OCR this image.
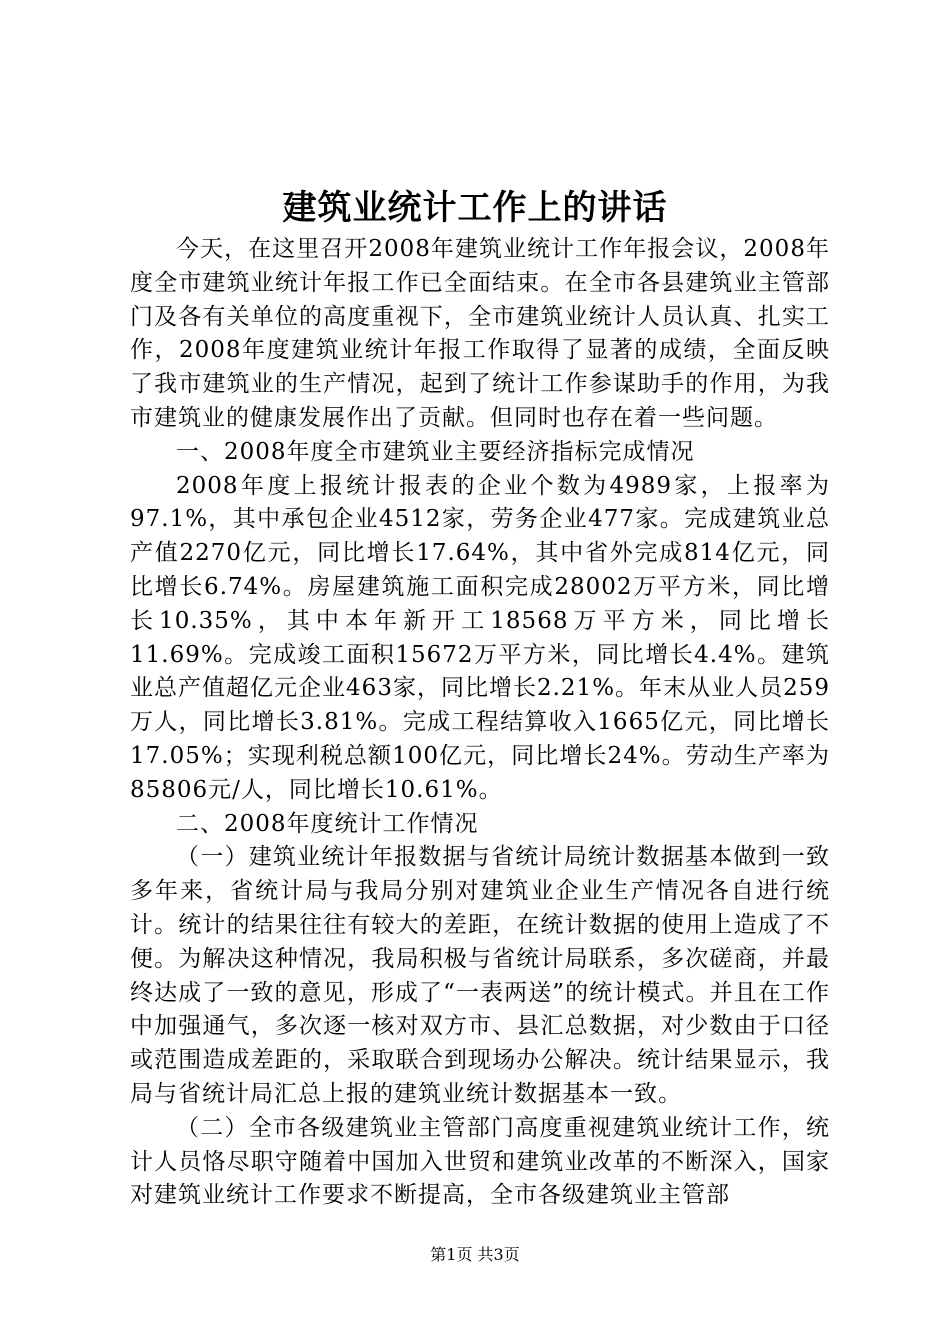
建筑业统计工作上的讲话

今天，在这里召开2008年建筑业统计工作年报会议，2008年度全市建筑业统计年报工作已全面结束。在全市各县建筑业主管部门及各有关单位的高度重视下，全市建筑业统计人员认真、扎实工作，2008年度建筑业统计年报工作取得了显著的成绩，全面反映了我市建筑业的生产情况，起到了统计工作参谋助手的作用，为我市建筑业的健康发展作出了贡献。但同时也存在着一些问题。

一、2008年度全市建筑业主要经济指标完成情况

2008年度上报统计报表的企业个数为4989家，上报率为97.1%，其中承包企业4512家，劳务企业477家。完成建筑业总产值2270亿元，同比增长17.64%，其中省外完成814亿元，同比增长6.74%。房屋建筑施工面积完成28002万平方米，同比增长10.35%，其中本年新开工18568万平方米，同比增长11.69%。完成竣工面积15672万平方米，同比增长4.4%。建筑业总产值超亿元企业463家，同比增长2.21%。年末从业人员259万人，同比增长3.81%。完成工程结算收入1665亿元，同比增长17.05%；实现利税总额100亿元，同比增长24%。劳动生产率为85806元/人，同比增长10.61%。

二、2008年度统计工作情况

（一）建筑业统计年报数据与省统计局统计数据基本做到一致多年来，省统计局与我局分别对建筑业企业生产情况各自进行统计。统计的结果往往有较大的差距，在统计数据的使用上造成了不便。为解决这种情况，我局积极与省统计局联系，多次磋商，并最终达成了一致的意见，形成了“一表两送”的统计模式。并且在工作中加强通气，多次逐一核对双方市、县汇总数据，对少数由于口径或范围造成差距的，采取联合到现场办公解决。统计结果显示，我局与省统计局汇总上报的建筑业统计数据基本一致。

（二）全市各级建筑业主管部门高度重视建筑业统计工作，统计人员恪尽职守随着中国加入世贸和建筑业改革的不断深入，国家对建筑业统计工作要求不断提高，全市各级建筑业主管部

第1页 共3页
